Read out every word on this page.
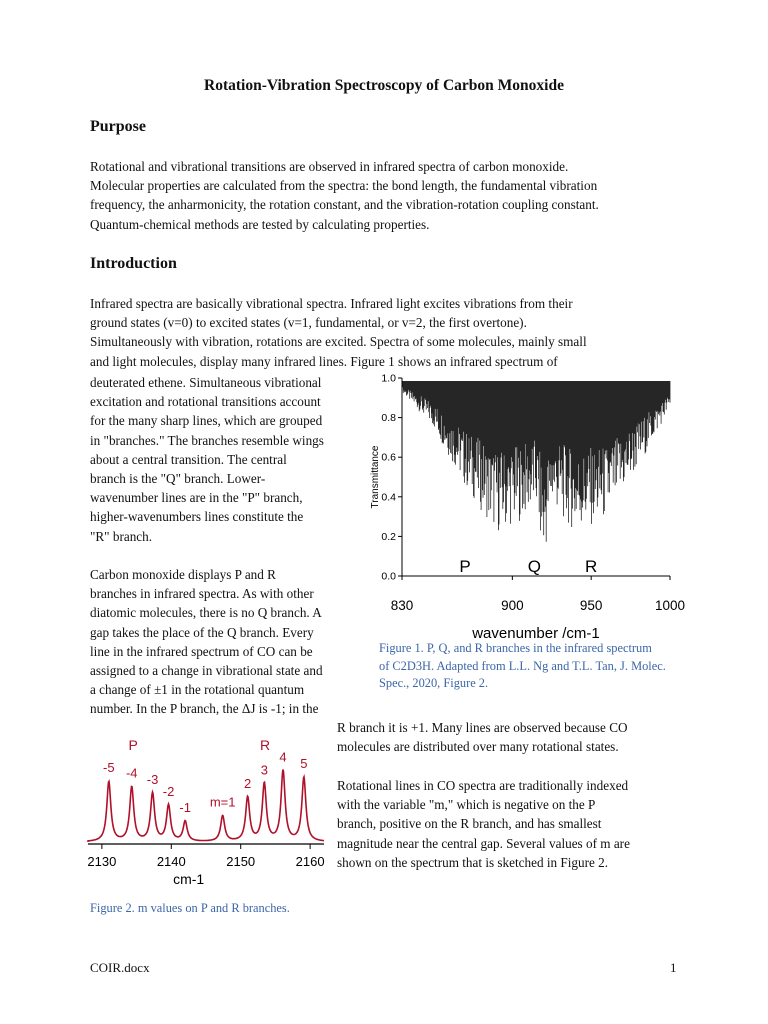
Rotation-Vibration Spectroscopy of Carbon Monoxide
Purpose
Rotational and vibrational transitions are observed in infrared spectra of carbon monoxide.
Molecular properties are calculated from the spectra: the bond length, the fundamental vibration
frequency, the anharmonicity, the rotation constant, and the vibration-rotation coupling constant.
Quantum-chemical methods are tested by calculating properties.
Introduction
Infrared spectra are basically vibrational spectra. Infrared light excites vibrations from their
ground states (v=0) to excited states (v=1, fundamental, or v=2, the first overtone).
Simultaneously with vibration, rotations are excited. Spectra of some molecules, mainly small
and light molecules, display many infrared lines. Figure 1 shows an infrared spectrum of
deuterated ethene. Simultaneous vibrational
excitation and rotational transitions account
for the many sharp lines, which are grouped
in "branches." The branches resemble wings
about a central transition. The central
branch is the "Q" branch. Lower-
wavenumber lines are in the "P" branch,
higher-wavenumbers lines constitute the
"R" branch.
Carbon monoxide displays P and R
branches in infrared spectra. As with other
diatomic molecules, there is no Q branch. A
gap takes the place of the Q branch. Every
line in the infrared spectrum of CO can be
assigned to a change in vibrational state and
a change of ±1 in the rotational quantum
number. In the P branch, the ΔJ is -1; in the
R branch it is +1. Many lines are observed because CO
molecules are distributed over many rotational states.
Rotational lines in CO spectra are traditionally indexed
with the variable "m," which is negative on the P
branch, positive on the R branch, and has smallest
magnitude near the central gap. Several values of m are
shown on the spectrum that is sketched in Figure 2.
0.0
0.2
0.4
0.6
0.8
1.0
830	900	950	1000
Transmittance
wavenumber /cm-1
P	Q	R
Figure 1. P, Q, and R branches in the infrared spectrum
of C2D3H. Adapted from L.L. Ng and T.L. Tan, J. Molec.
Spec., 2020, Figure 2.
2130	2140	2150	2160
cm-1
P	R
-5 -4 -3
-2
-1 m=1
2
3
4 5
Figure 2. m values on P and R branches.
COIR.docx	1
